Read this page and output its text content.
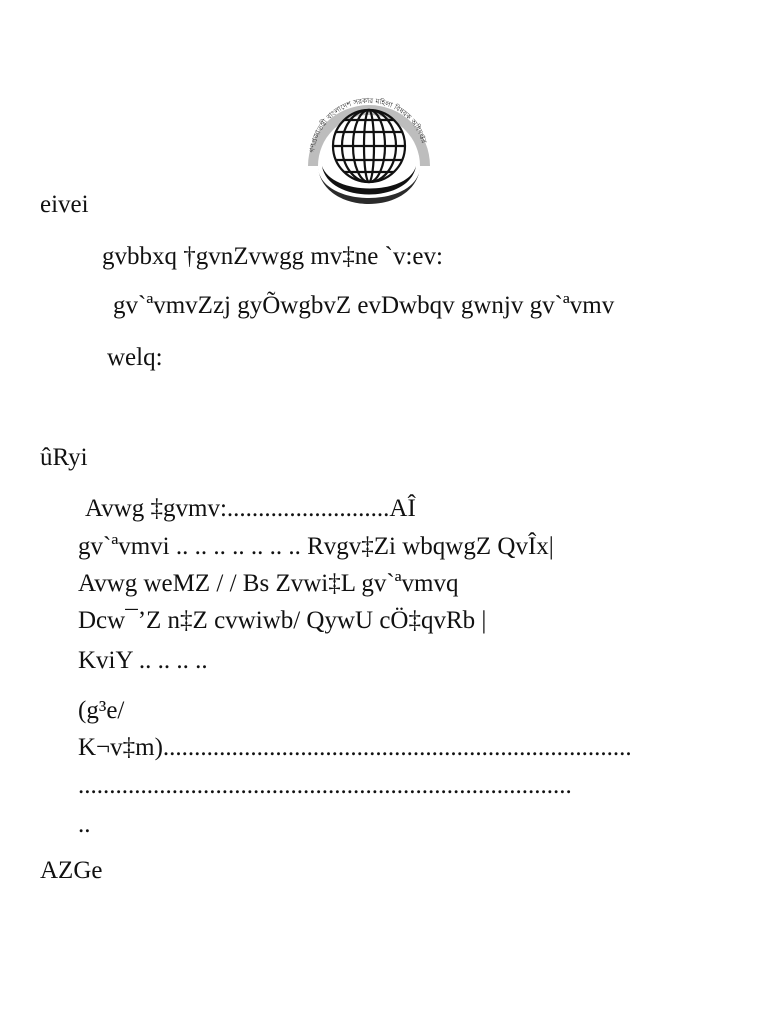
গণপ্রজাতন্ত্রী বাংলাদেশ সরকার মহিলা বিষয়ক অধিদপ্তর
eivei
gvbbxq †gvnZvwgg mv‡ne `v:ev:
gv`ªvmvZzj gyÕwgbvZ evDwbqv gwnjv gv`ªvmv
welq:
ûRyi
Avwg ‡gvmv:..........................AÎ
gv`ªvmvi .. .. .. .. .. .. .. Rvgv‡Zi wbqwgZ QvÎx|
Avwg weMZ / / Bs Zvwi‡L gv`ªvmvq
Dcw¯’Z n‡Z cvwiwb/ QywU cÖ‡qvRb |
KviY .. .. .. ..
(g³e/
K¬v‡m)...........................................................................
...............................................................................
..
AZGe
